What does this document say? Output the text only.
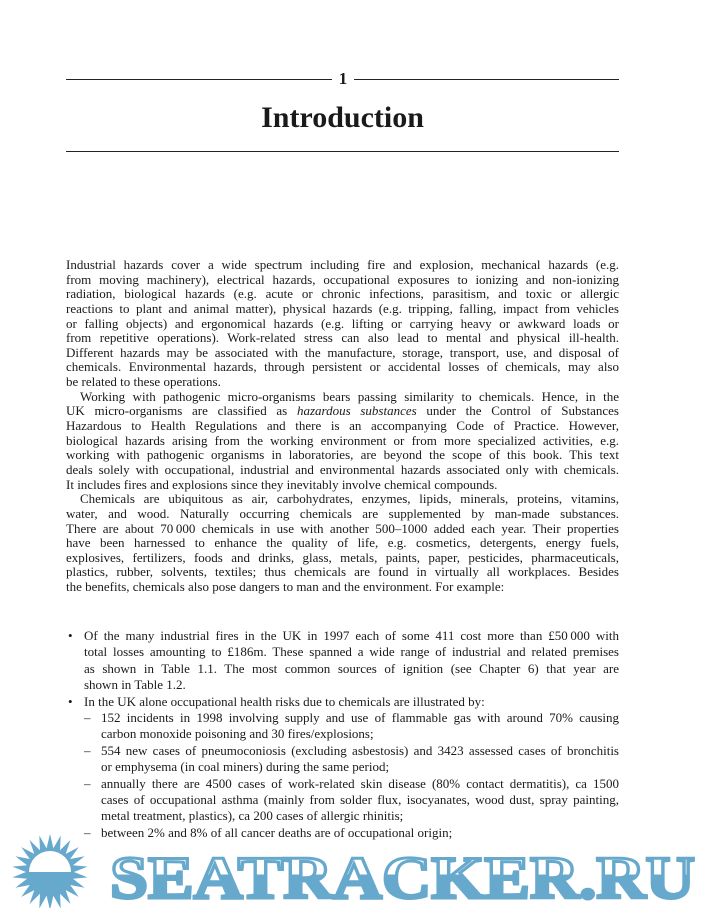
1
Introduction
Industrial hazards cover a wide spectrum including fire and explosion, mechanical hazards (e.g.
from moving machinery), electrical hazards, occupational exposures to ionizing and non-ionizing
radiation, biological hazards (e.g. acute or chronic infections, parasitism, and toxic or allergic
reactions to plant and animal matter), physical hazards (e.g. tripping, falling, impact from vehicles
or falling objects) and ergonomical hazards (e.g. lifting or carrying heavy or awkward loads or
from repetitive operations). Work-related stress can also lead to mental and physical ill-health.
Different hazards may be associated with the manufacture, storage, transport, use, and disposal of
chemicals. Environmental hazards, through persistent or accidental losses of chemicals, may also
be related to these operations.
Working with pathogenic micro-organisms bears passing similarity to chemicals. Hence, in the
UK micro-organisms are classified as hazardous substances under the Control of Substances
Hazardous to Health Regulations and there is an accompanying Code of Practice. However,
biological hazards arising from the working environment or from more specialized activities, e.g.
working with pathogenic organisms in laboratories, are beyond the scope of this book. This text
deals solely with occupational, industrial and environmental hazards associated only with chemicals.
It includes fires and explosions since they inevitably involve chemical compounds.
Chemicals are ubiquitous as air, carbohydrates, enzymes, lipids, minerals, proteins, vitamins,
water, and wood. Naturally occurring chemicals are supplemented by man-made substances.
There are about 70 000 chemicals in use with another 500–1000 added each year. Their properties
have been harnessed to enhance the quality of life, e.g. cosmetics, detergents, energy fuels,
explosives, fertilizers, foods and drinks, glass, metals, paints, paper, pesticides, pharmaceuticals,
plastics, rubber, solvents, textiles; thus chemicals are found in virtually all workplaces. Besides
the benefits, chemicals also pose dangers to man and the environment. For example:
• Of the many industrial fires in the UK in 1997 each of some 411 cost more than £50 000 with
total losses amounting to £186m. These spanned a wide range of industrial and related premises
as shown in Table 1.1. The most common sources of ignition (see Chapter 6) that year are
shown in Table 1.2.
• In the UK alone occupational health risks due to chemicals are illustrated by:
– 152 incidents in 1998 involving supply and use of flammable gas with around 70% causing
carbon monoxide poisoning and 30 fires/explosions;
– 554 new cases of pneumoconiosis (excluding asbestosis) and 3423 assessed cases of bronchitis
or emphysema (in coal miners) during the same period;
– annually there are 4500 cases of work-related skin disease (80% contact dermatitis), ca 1500
cases of occupational asthma (mainly from solder flux, isocyanates, wood dust, spray painting,
metal treatment, plastics), ca 200 cases of allergic rhinitis;
– between 2% and 8% of all cancer deaths are of occupational origin;
SEATRACKER.RU
